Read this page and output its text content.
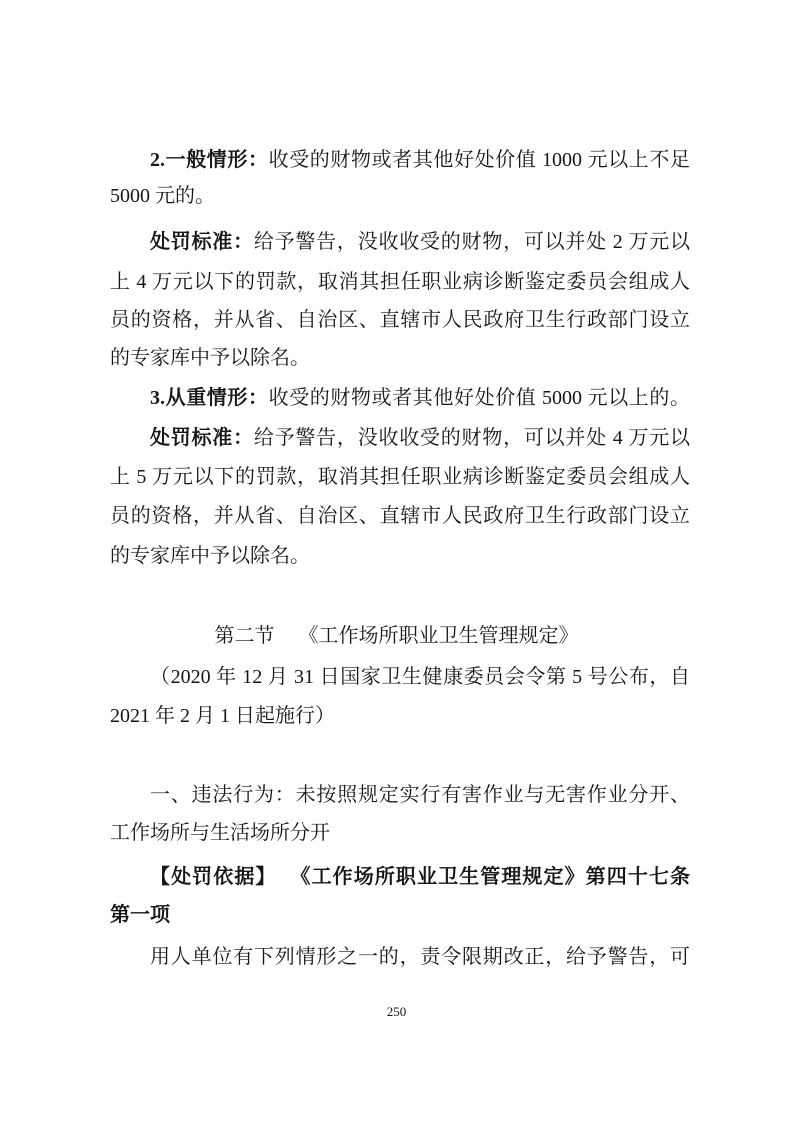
2.一般情形：收受的财物或者其他好处价值 1000 元以上不足
5000 元的。
处罚标准：给予警告，没收收受的财物，可以并处 2 万元以
上 4 万元以下的罚款，取消其担任职业病诊断鉴定委员会组成人
员的资格，并从省、自治区、直辖市人民政府卫生行政部门设立
的专家库中予以除名。
3.从重情形：收受的财物或者其他好处价值 5000 元以上的。
处罚标准：给予警告，没收收受的财物，可以并处 4 万元以
上 5 万元以下的罚款，取消其担任职业病诊断鉴定委员会组成人
员的资格，并从省、自治区、直辖市人民政府卫生行政部门设立
的专家库中予以除名。
第二节 《工作场所职业卫生管理规定》
（2020 年 12 月 31 日国家卫生健康委员会令第 5 号公布，自
2021 年 2 月 1 日起施行）
一、违法行为：未按照规定实行有害作业与无害作业分开、
工作场所与生活场所分开
【处罚依据】 《工作场所职业卫生管理规定》第四十七条
第一项
用人单位有下列情形之一的，责令限期改正，给予警告，可
250
